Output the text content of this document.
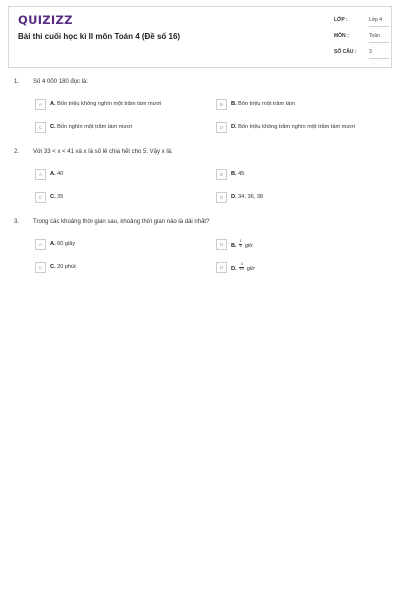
QUIZIZZ
Bài thi cuối học kì II môn Toán 4 (Đề số 16)
LỚP :	Lớp 4
MÔN :	Toán
SỐ CÂU :	3
1. Số 4 000 180 đọc là:
A	A. Bốn triệu không nghìn một trăm tám mươi	B	B. Bốn triệu một trăm tám
C	C. Bốn nghìn một trăm tám mươi	D	D. Bốn triệu không trăm nghìn một trăm tám mươi
2. Với 33 < x < 41 và x là số lẻ chia hết cho 5. Vậy x là:
A	A. 40	B	B. 45
C	C. 35	D	D. 34, 36, 38
3. Trong các khoảng thời gian sau, khoảng thời gian nào là dài nhất?
A	A. 60 giây	B	B. $\frac{1}{6}$ giờ
C	C. 20 phút	D	D. $\frac{3}{15}$ giờ
